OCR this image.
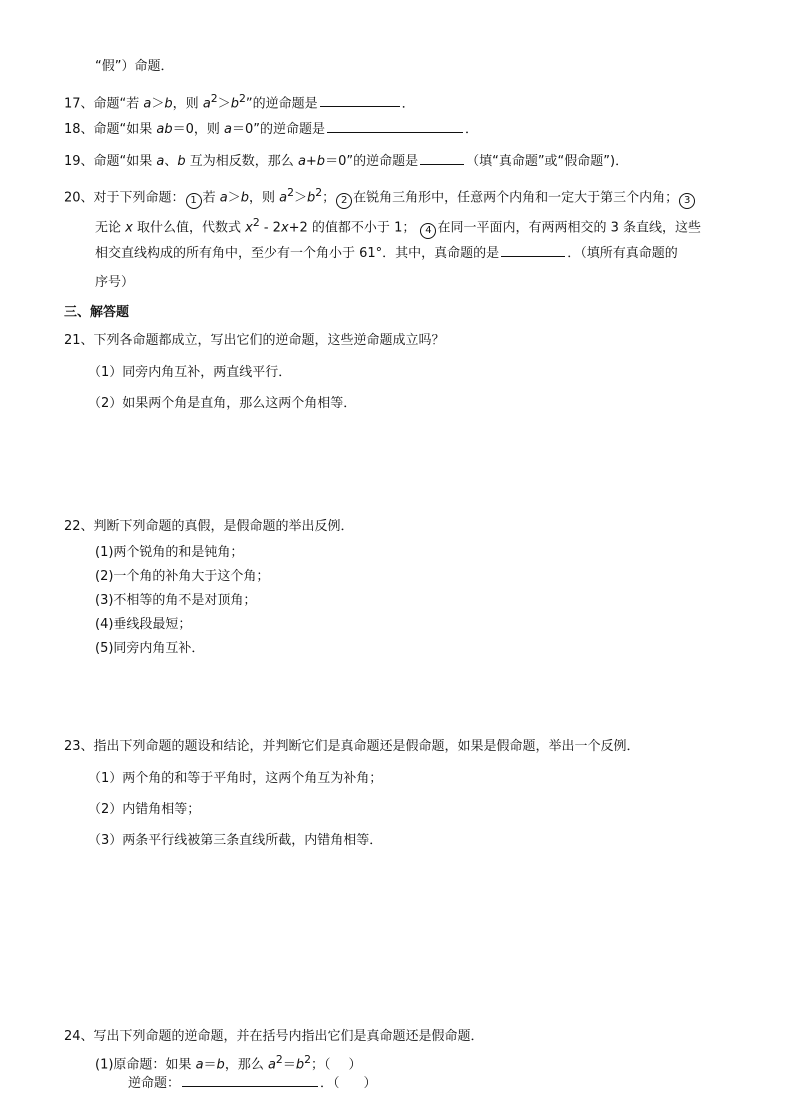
“假”）命题．
17、命题“若 a＞b，则 $a^2>b^2$”的逆命题是	．
18、命题“如果 ab＝0，则 a＝0”的逆命题是	．
19、命题“如果 a、b 互为相反数，那么 a+b＝0”的逆命题是	（填“真命题”或“假命题”)．
20、对于下列命题： 1 若 a＞b，则 $a^2>b^2$； 2 在锐角三角形中，任意两个内角和一定大于第三个内角； 3
无论 x 取什么值，代数式 $x^2 - 2x+2$ 的值都不小于 1； 4 在同一平面内，有两两相交的 3 条直线，这些
相交直线构成的所有角中，至少有一个角小于 61°．其中，真命题的是	．（填所有真命题的
序号）
三、解答题
21、下列各命题都成立，写出它们的逆命题，这些逆命题成立吗？
（1）同旁内角互补，两直线平行．
（2）如果两个角是直角，那么这两个角相等．
22、判断下列命题的真假，是假命题的举出反例．
(1)两个锐角的和是钝角；
(2)一个角的补角大于这个角；
(3)不相等的角不是对顶角；
(4)垂线段最短；
(5)同旁内角互补．
23、指出下列命题的题设和结论，并判断它们是真命题还是假命题，如果是假命题，举出一个反例．
（1）两个角的和等于平角时，这两个角互为补角；
（2）内错角相等；
（3）两条平行线被第三条直线所截，内错角相等．
24、写出下列命题的逆命题，并在括号内指出它们是真命题还是假命题．
(1)原命题：如果 a＝b，那么 $a^2=b^2$；（ ）
逆命题：	．（ ）
